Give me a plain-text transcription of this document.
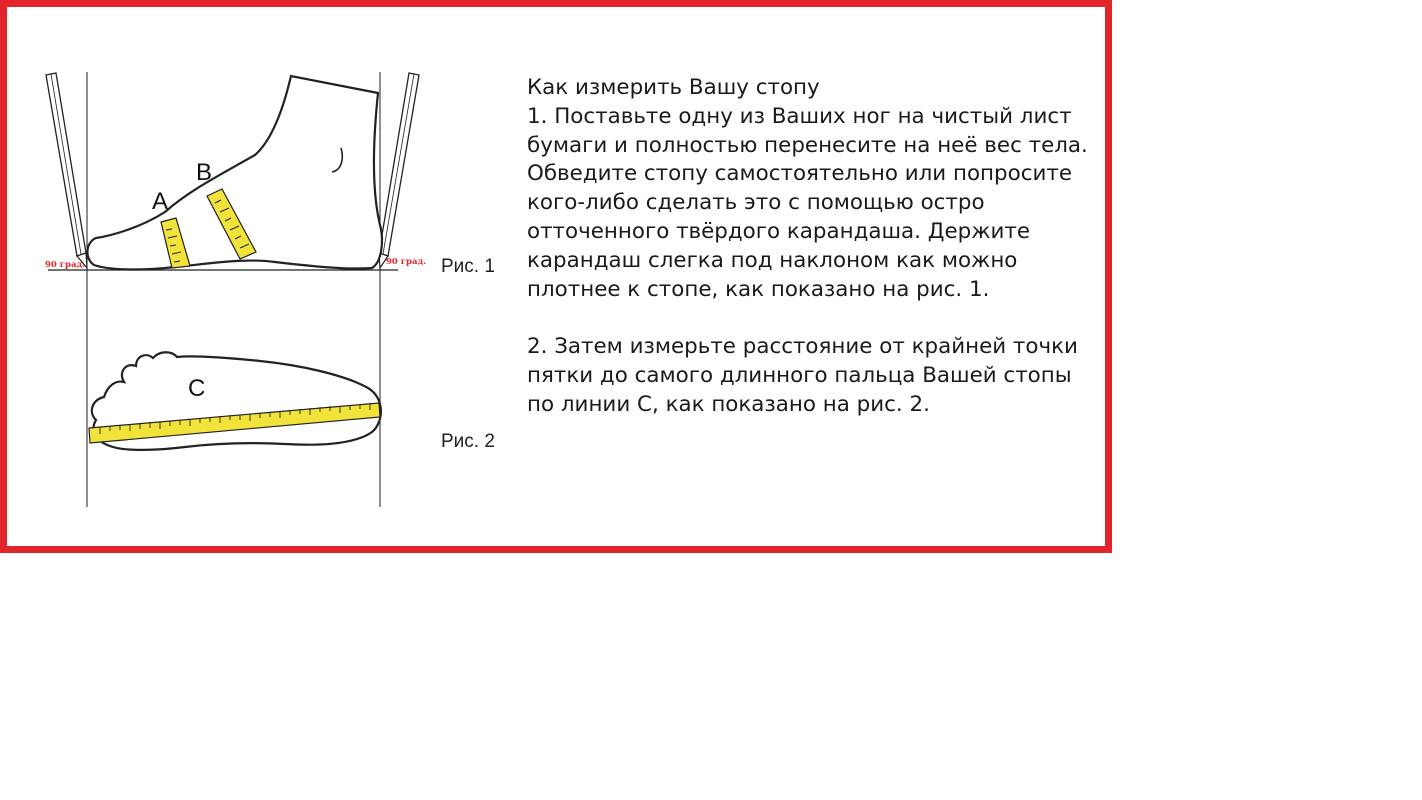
A
B
C
90 град.	90 град. Рис. 1
Рис. 2

Как измерить Вашу стопу

1. Поставьте одну из Ваших ног на чистый лист бумаги и полностью перенесите на неё вес тела. Обведите стопу самостоятельно или попросите кого-либо сделать это с помощью остро отточенного твёрдого карандаша. Держите карандаш слегка под наклоном как можно плотнее к стопе, как показано на рис. 1.

2. Затем измерьте расстояние от крайней точки пятки до самого длинного пальца Вашей стопы по линии С, как показано на рис. 2.
